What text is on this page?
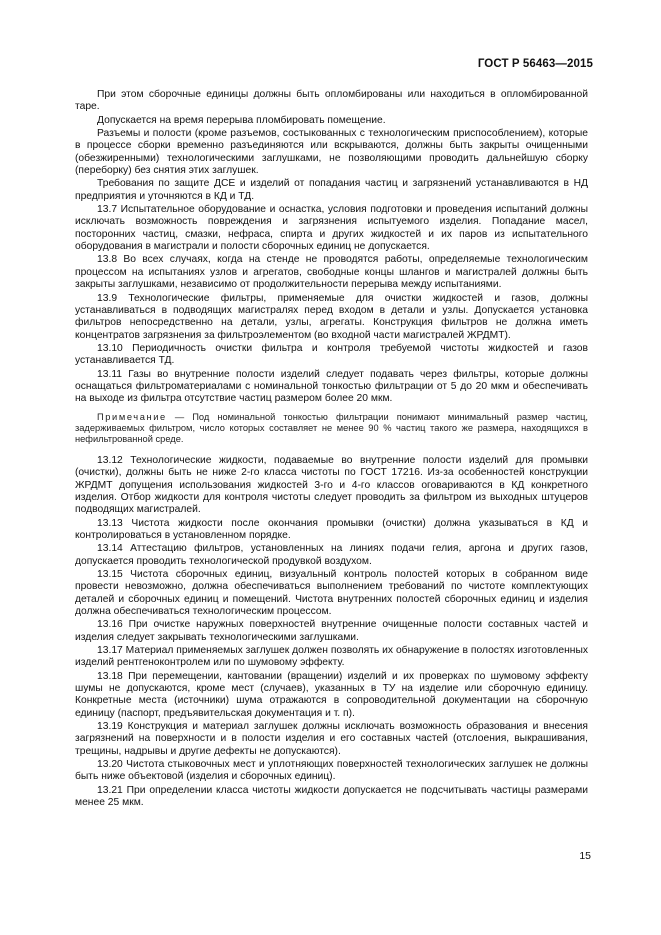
ГОСТ Р 56463—2015

При этом сборочные единицы должны быть опломбированы или находиться в опломбированной таре.

Допускается на время перерыва пломбировать помещение.

Разъемы и полости (кроме разъемов, состыкованных с технологическим приспособлением), которые в процессе сборки временно разъединяются или вскрываются, должны быть закрыты очищенными (обезжиренными) технологическими заглушками, не позволяющими проводить дальнейшую сборку (переборку) без снятия этих заглушек.

Требования по защите ДСЕ и изделий от попадания частиц и загрязнений устанавливаются в НД предприятия и уточняются в КД и ТД.

13.7 Испытательное оборудование и оснастка, условия подготовки и проведения испытаний должны исключать возможность повреждения и загрязнения испытуемого изделия. Попадание масел, посторонних частиц, смазки, нефраса, спирта и других жидкостей и их паров из испытательного оборудования в магистрали и полости сборочных единиц не допускается.

13.8 Во всех случаях, когда на стенде не проводятся работы, определяемые технологическим процессом на испытаниях узлов и агрегатов, свободные концы шлангов и магистралей должны быть закрыты заглушками, независимо от продолжительности перерыва между испытаниями.

13.9 Технологические фильтры, применяемые для очистки жидкостей и газов, должны устанавливаться в подводящих магистралях перед входом в детали и узлы. Допускается установка фильтров непосредственно на детали, узлы, агрегаты. Конструкция фильтров не должна иметь концентратов загрязнения за фильтроэлементом (во входной части магистралей ЖРДМТ).

13.10 Периодичность очистки фильтра и контроля требуемой чистоты жидкостей и газов устанавливается ТД.

13.11 Газы во внутренние полости изделий следует подавать через фильтры, которые должны оснащаться фильтроматериалами с номинальной тонкостью фильтрации от 5 до 20 мкм и обеспечивать на выходе из фильтра отсутствие частиц размером более 20 мкм.

Примечание — Под номинальной тонкостью фильтрации понимают минимальный размер частиц, задерживаемых фильтром, число которых составляет не менее 90 % частиц такого же размера, находящихся в нефильтрованной среде.

13.12 Технологические жидкости, подаваемые во внутренние полости изделий для промывки (очистки), должны быть не ниже 2-го класса чистоты по ГОСТ 17216. Из-за особенностей конструкции ЖРДМТ допущения использования жидкостей 3-го и 4-го классов оговариваются в КД конкретного изделия. Отбор жидкости для контроля чистоты следует проводить за фильтром из выходных штуцеров подводящих магистралей.

13.13 Чистота жидкости после окончания промывки (очистки) должна указываться в КД и контролироваться в установленном порядке.

13.14 Аттестацию фильтров, установленных на линиях подачи гелия, аргона и других газов, допускается проводить технологической продувкой воздухом.

13.15 Чистота сборочных единиц, визуальный контроль полостей которых в собранном виде провести невозможно, должна обеспечиваться выполнением требований по чистоте комплектующих деталей и сборочных единиц и помещений. Чистота внутренних полостей сборочных единиц и изделия должна обеспечиваться технологическим процессом.

13.16 При очистке наружных поверхностей внутренние очищенные полости составных частей и изделия следует закрывать технологическими заглушками.

13.17 Материал применяемых заглушек должен позволять их обнаружение в полостях изготовленных изделий рентгеноконтролем или по шумовому эффекту.

13.18 При перемещении, кантовании (вращении) изделий и их проверках по шумовому эффекту шумы не допускаются, кроме мест (случаев), указанных в ТУ на изделие или сборочную единицу. Конкретные места (источники) шума отражаются в сопроводительной документации на сборочную единицу (паспорт, предъявительская документация и т. п).

13.19 Конструкция и материал заглушек должны исключать возможность образования и внесения загрязнений на поверхности и в полости изделия и его составных частей (отслоения, выкрашивания, трещины, надрывы и другие дефекты не допускаются).

13.20 Чистота стыковочных мест и уплотняющих поверхностей технологических заглушек не должны быть ниже объектовой (изделия и сборочных единиц).

13.21 При определении класса чистоты жидкости допускается не подсчитывать частицы размерами менее 25 мкм.

15
